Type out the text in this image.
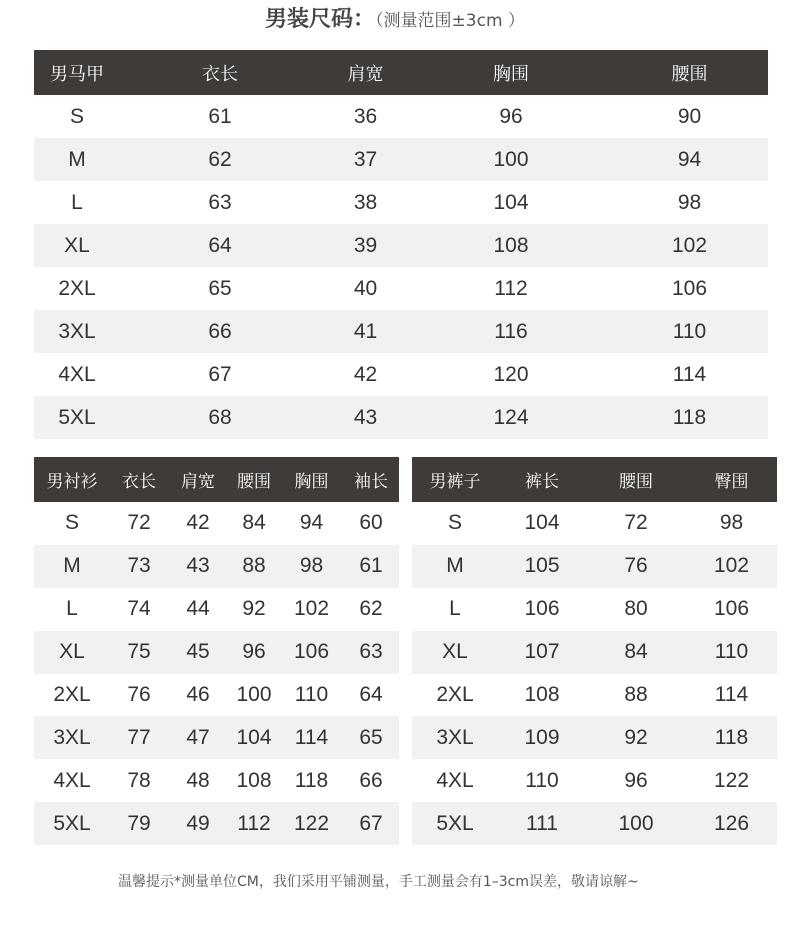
男装尺码：（测量范围±3cm ）
男马甲	衣长	肩宽	胸围	腰围
S	61	36	96	90
M	62	37	100	94
L	63	38	104	98
XL	64	39	108	102
2XL	65	40	112	106
3XL	66	41	116	110
4XL	67	42	120	114
5XL	68	43	124	118
男衬衫	衣长	肩宽	腰围	胸围	袖长
S	72	42	84	94	60
M	73	43	88	98	61
L	74	44	92	102	62
XL	75	45	96	106	63
2XL	76	46	100	110	64
3XL	77	47	104	114	65
4XL	78	48	108	118	66
5XL	79	49	112	122	67
男裤子	裤长	腰围	臀围
S	104	72	98
M	105	76	102
L	106	80	106
XL	107	84	110
2XL	108	88	114
3XL	109	92	118
4XL	110	96	122
5XL	111	100	126
温馨提示*测量单位CM，我们采用平铺测量，手工测量会有1–3cm误差，敬请谅解~
